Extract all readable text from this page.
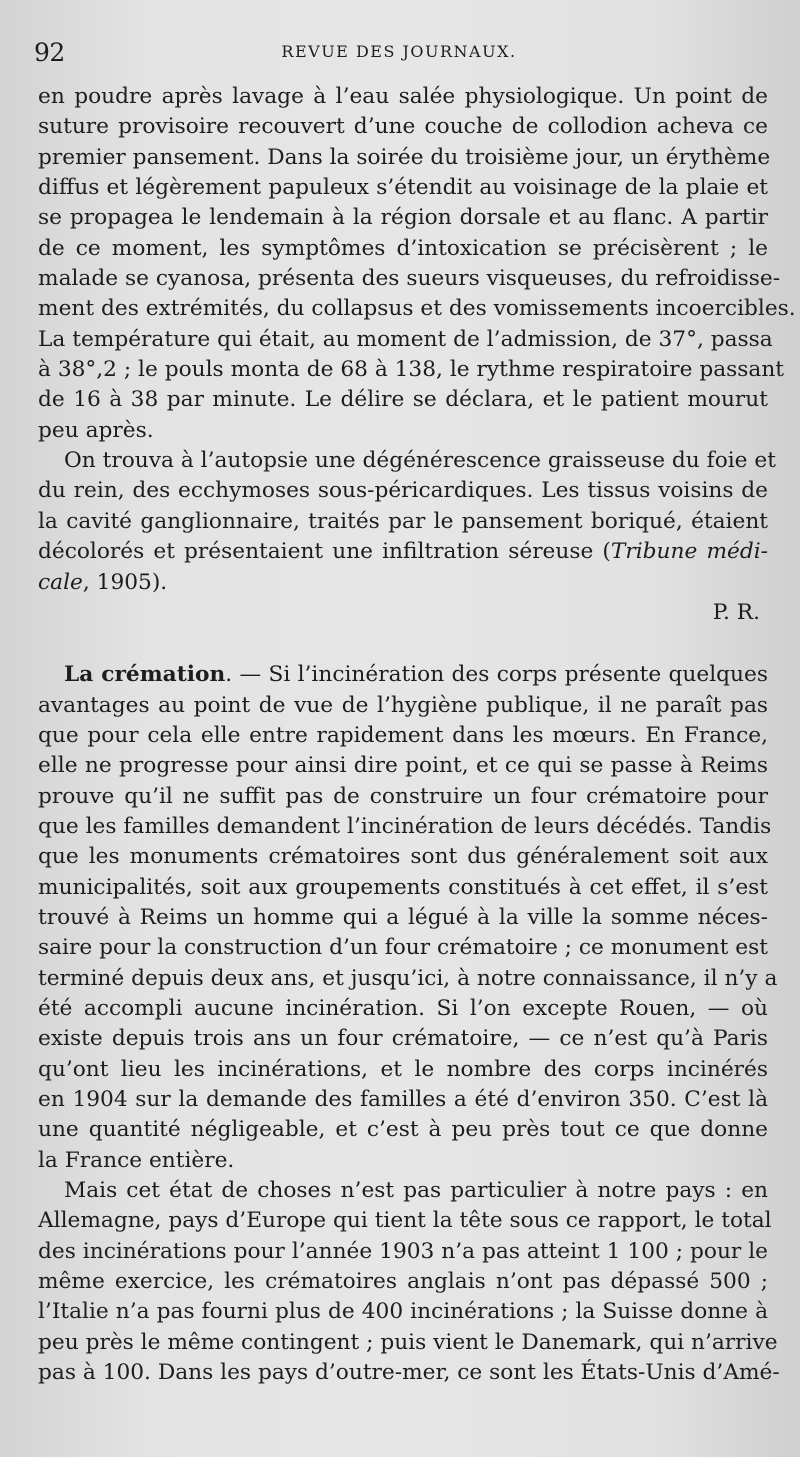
92	REVUE DES JOURNAUX.
en poudre après lavage à l’eau salée physiologique. Un point de
suture provisoire recouvert d’une couche de collodion acheva ce
premier pansement. Dans la soirée du troisième jour, un érythème
diffus et légèrement papuleux s’étendit au voisinage de la plaie et
se propagea le lendemain à la région dorsale et au flanc. A partir
de ce moment, les symptômes d’intoxication se précisèrent ; le
malade se cyanosa, présenta des sueurs visqueuses, du refroidisse-
ment des extrémités, du collapsus et des vomissements incoercibles.
La température qui était, au moment de l’admission, de 37°, passa
à 38°,2 ; le pouls monta de 68 à 138, le rythme respiratoire passant
de 16 à 38 par minute. Le délire se déclara, et le patient mourut
peu après.
On trouva à l’autopsie une dégénérescence graisseuse du foie et
du rein, des ecchymoses sous-péricardiques. Les tissus voisins de
la cavité ganglionnaire, traités par le pansement boriqué, étaient
décolorés et présentaient une infiltration séreuse (Tribune médi-
cale, 1905).
P. R.
La crémation. — Si l’incinération des corps présente quelques
avantages au point de vue de l’hygiène publique, il ne paraît pas
que pour cela elle entre rapidement dans les mœurs. En France,
elle ne progresse pour ainsi dire point, et ce qui se passe à Reims
prouve qu’il ne suffit pas de construire un four crématoire pour
que les familles demandent l’incinération de leurs décédés. Tandis
que les monuments crématoires sont dus généralement soit aux
municipalités, soit aux groupements constitués à cet effet, il s’est
trouvé à Reims un homme qui a légué à la ville la somme néces-
saire pour la construction d’un four crématoire ; ce monument est
terminé depuis deux ans, et jusqu’ici, à notre connaissance, il n’y a
été accompli aucune incinération. Si l’on excepte Rouen, — où
existe depuis trois ans un four crématoire, — ce n’est qu’à Paris
qu’ont lieu les incinérations, et le nombre des corps incinérés
en 1904 sur la demande des familles a été d’environ 350. C’est là
une quantité négligeable, et c’est à peu près tout ce que donne
la France entière.
Mais cet état de choses n’est pas particulier à notre pays : en
Allemagne, pays d’Europe qui tient la tête sous ce rapport, le total
des incinérations pour l’année 1903 n’a pas atteint 1 100 ; pour le
même exercice, les crématoires anglais n’ont pas dépassé 500 ;
l’Italie n’a pas fourni plus de 400 incinérations ; la Suisse donne à
peu près le même contingent ; puis vient le Danemark, qui n’arrive
pas à 100. Dans les pays d’outre-mer, ce sont les États-Unis d’Amé-
